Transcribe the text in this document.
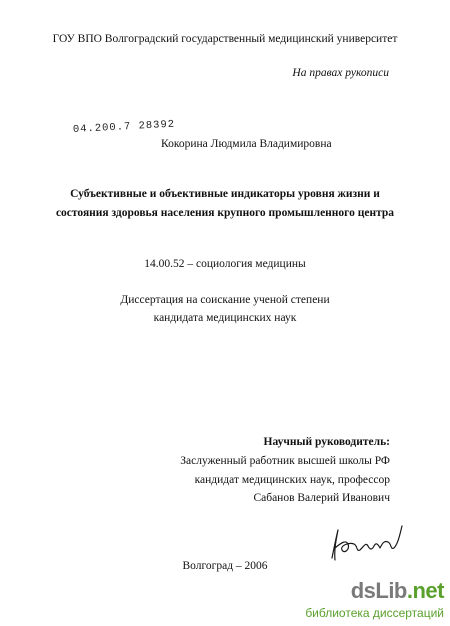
ГОУ ВПО Волгоградский государственный медицинский университет
На правах рукописи
04.200.7 28392
Кокорина Людмила Владимировна
Субъективные и объективные индикаторы уровня жизни и
состояния здоровья населения крупного промышленного центра
14.00.52 – социология медицины
Диссертация на соискание ученой степени
кандидата медицинских наук
Научный руководитель:
Заслуженный работник высшей школы РФ
кандидат медицинских наук, профессор
Сабанов Валерий Иванович
Волгоград – 2006
dsLib.net
библиотека диссертаций
